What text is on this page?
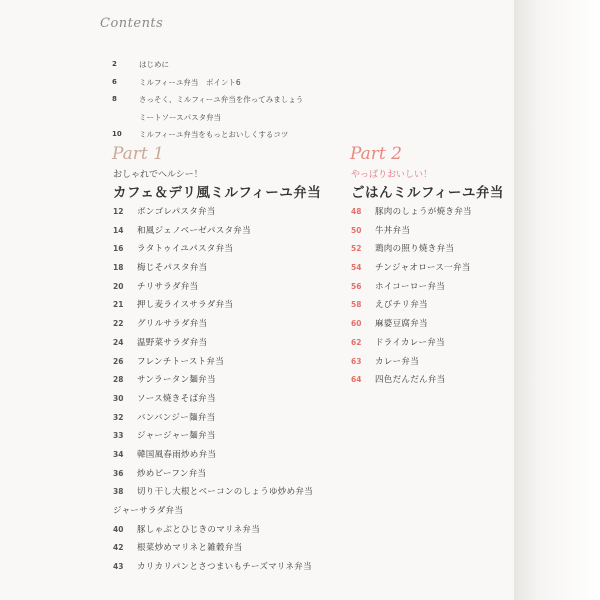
Contents
2	はじめに
6	ミルフィーユ弁当　ポイント6
8	さっそく、ミルフィーユ弁当を作ってみましょう
ミートソースパスタ弁当
10	ミルフィーユ弁当をもっとおいしくするコツ
Part 1
おしゃれでヘルシー！
カフェ＆デリ風ミルフィーユ弁当
12	ボンゴレパスタ弁当
14	和風ジェノベーゼパスタ弁当
16	ラタトゥイユパスタ弁当
18	梅じそパスタ弁当
20	チリサラダ弁当
21	押し麦ライスサラダ弁当
22	グリルサラダ弁当
24	温野菜サラダ弁当
26	フレンチトースト弁当
28	サンラータン麺弁当
30	ソース焼きそば弁当
32	バンバンジー麺弁当
33	ジャージャー麺弁当
34	韓国風春雨炒め弁当
36	炒めビーフン弁当
38	切り干し大根とベーコンのしょうゆ炒め弁当
ジャーサラダ弁当
40	豚しゃぶとひじきのマリネ弁当
42	根菜炒めマリネと雑穀弁当
43	カリカリパンとさつまいもチーズマリネ弁当
Part 2
やっぱりおいしい！
ごはんミルフィーユ弁当
48	豚肉のしょうが焼き弁当
50	牛丼弁当
52	鶏肉の照り焼き弁当
54	チンジャオロース一弁当
56	ホイコーロー弁当
58	えびチリ弁当
60	麻婆豆腐弁当
62	ドライカレー弁当
63	カレー弁当
64	四色だんだん弁当
